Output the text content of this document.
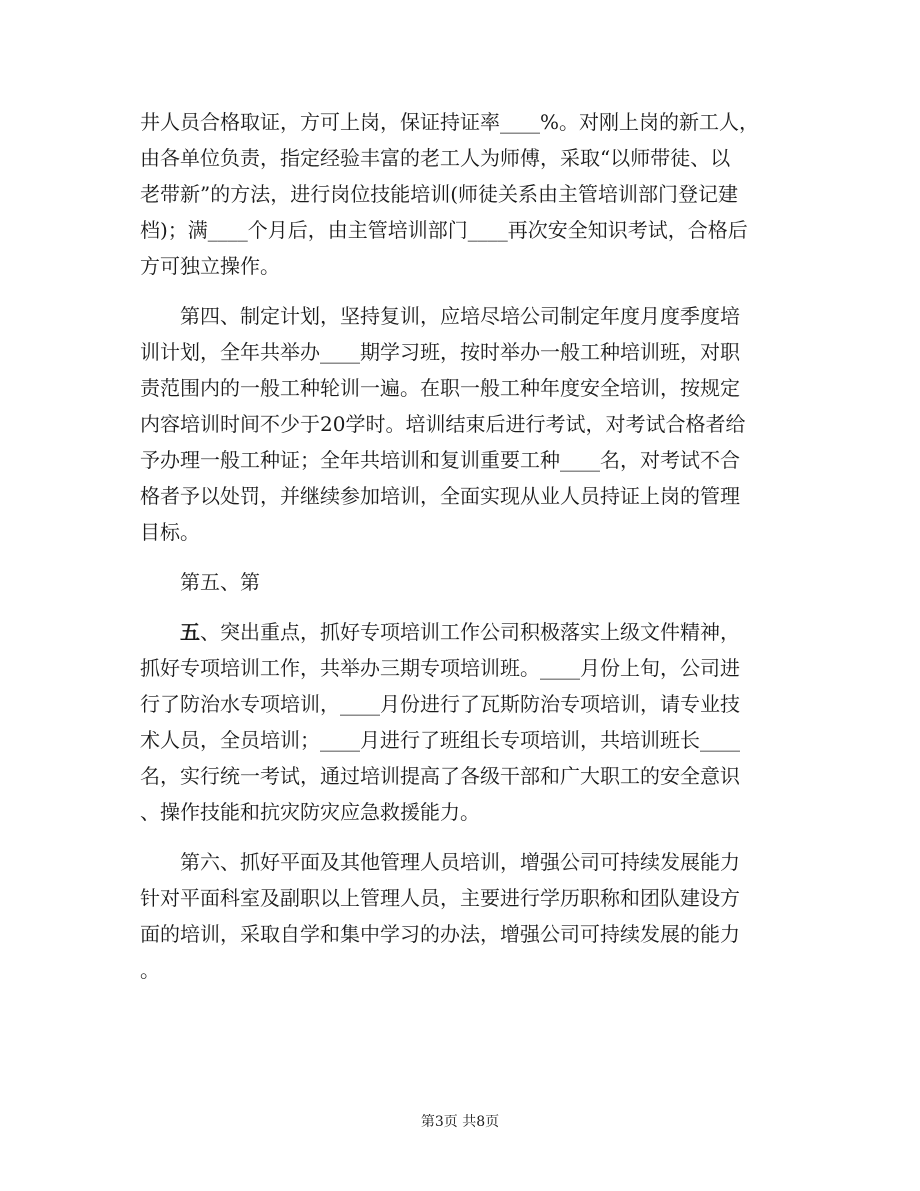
井人员合格取证，方可上岗，保证持证率____%。对刚上岗的新工人，
由各单位负责，指定经验丰富的老工人为师傅，采取“以师带徒、以
老带新”的方法，进行岗位技能培训(师徒关系由主管培训部门登记建
档)；满____个月后，由主管培训部门____再次安全知识考试，合格后
方可独立操作。
　　第四、制定计划，坚持复训，应培尽培公司制定年度月度季度培
训计划，全年共举办____期学习班，按时举办一般工种培训班，对职
责范围内的一般工种轮训一遍。在职一般工种年度安全培训，按规定
内容培训时间不少于20学时。培训结束后进行考试，对考试合格者给
予办理一般工种证；全年共培训和复训重要工种____名，对考试不合
格者予以处罚，并继续参加培训，全面实现从业人员持证上岗的管理
目标。
　　第五、第
　　五、突出重点，抓好专项培训工作公司积极落实上级文件精神，
抓好专项培训工作，共举办三期专项培训班。____月份上旬，公司进
行了防治水专项培训，____月份进行了瓦斯防治专项培训，请专业技
术人员，全员培训；____月进行了班组长专项培训，共培训班长____
名，实行统一考试，通过培训提高了各级干部和广大职工的安全意识
、操作技能和抗灾防灾应急救援能力。
　　第六、抓好平面及其他管理人员培训，增强公司可持续发展能力
针对平面科室及副职以上管理人员，主要进行学历职称和团队建设方
面的培训，采取自学和集中学习的办法，增强公司可持续发展的能力
。
第3页 共8页
